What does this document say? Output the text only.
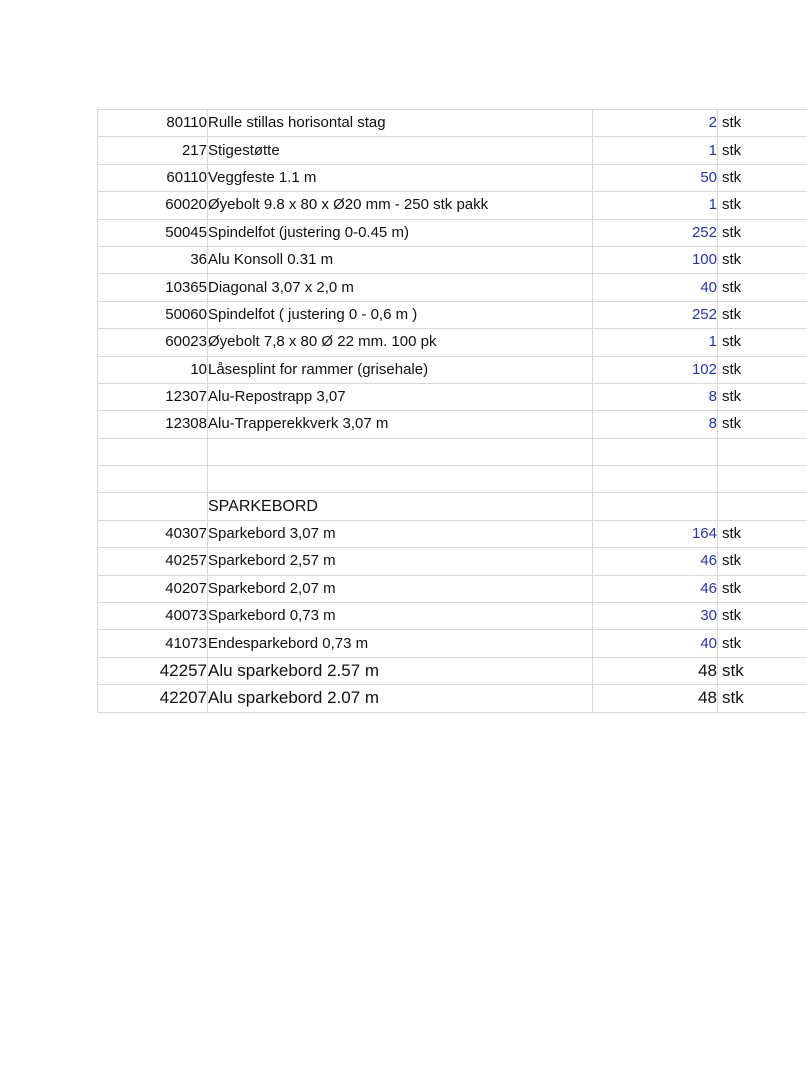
80110	Rulle stillas horisontal stag	2	stk
217	Stigestøtte	1	stk
60110	Veggfeste 1.1 m	50	stk
60020	Øyebolt 9.8 x 80 x Ø20 mm - 250 stk pakk	1	stk
50045	Spindelfot (justering 0-0.45 m)	252	stk
36	Alu Konsoll 0.31 m	100	stk
10365	Diagonal 3,07 x 2,0 m	40	stk
50060	Spindelfot ( justering 0 - 0,6 m )	252	stk
60023	Øyebolt 7,8 x 80 Ø 22 mm. 100 pk	1	stk
10	Låsesplint for rammer (grisehale)	102	stk
12307	Alu-Repostrapp 3,07	8	stk
12308	Alu-Trapperekkverk 3,07 m	8	stk

	SPARKEBORD		
40307	Sparkebord 3,07 m	164	stk
40257	Sparkebord 2,57 m	46	stk
40207	Sparkebord 2,07 m	46	stk
40073	Sparkebord 0,73 m	30	stk
41073	Endesparkebord 0,73 m	40	stk
42257	Alu sparkebord 2.57 m	48	stk
42207	Alu sparkebord 2.07 m	48	stk
